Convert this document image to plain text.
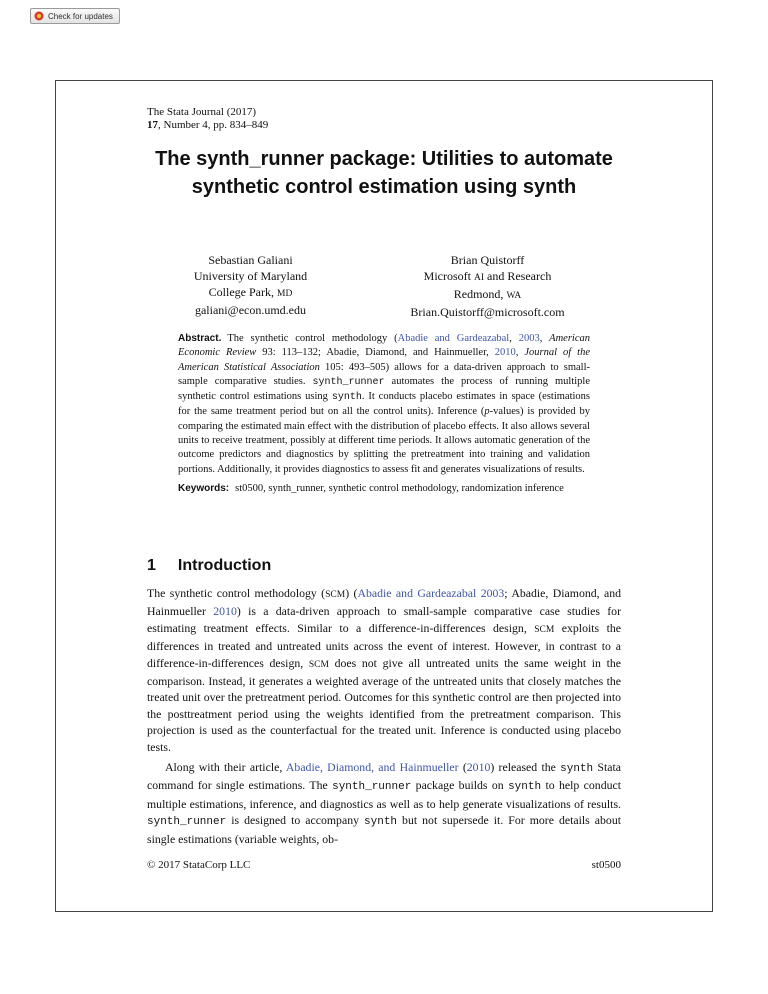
Check for updates
The Stata Journal (2017)
17, Number 4, pp. 834–849
The synth_runner package: Utilities to automate synthetic control estimation using synth
Sebastian Galiani
University of Maryland
College Park, MD
galiani@econ.umd.edu
Brian Quistorff
Microsoft AI and Research
Redmond, WA
Brian.Quistorff@microsoft.com

Abstract. The synthetic control methodology (Abadie and Gardeazabal, 2003, American Economic Review 93: 113–132; Abadie, Diamond, and Hainmueller, 2010, Journal of the American Statistical Association 105: 493–505) allows for a data-driven approach to small-sample comparative studies. synth_runner automates the process of running multiple synthetic control estimations using synth. It conducts placebo estimates in space (estimations for the same treatment period but on all the control units). Inference (p-values) is provided by comparing the estimated main effect with the distribution of placebo effects. It also allows several units to receive treatment, possibly at different time periods. It allows automatic generation of the outcome predictors and diagnostics by splitting the pretreatment into training and validation portions. Additionally, it provides diagnostics to assess fit and generates visualizations of results.

Keywords: st0500, synth_runner, synthetic control methodology, randomization inference

1 Introduction

The synthetic control methodology (SCM) (Abadie and Gardeazabal 2003; Abadie, Diamond, and Hainmueller 2010) is a data-driven approach to small-sample comparative case studies for estimating treatment effects. Similar to a difference-in-differences design, SCM exploits the differences in treated and untreated units across the event of interest. However, in contrast to a difference-in-differences design, SCM does not give all untreated units the same weight in the comparison. Instead, it generates a weighted average of the untreated units that closely matches the treated unit over the pretreatment period. Outcomes for this synthetic control are then projected into the posttreatment period using the weights identified from the pretreatment comparison. This projection is used as the counterfactual for the treated unit. Inference is conducted using placebo tests.

Along with their article, Abadie, Diamond, and Hainmueller (2010) released the synth Stata command for single estimations. The synth_runner package builds on synth to help conduct multiple estimations, inference, and diagnostics as well as to help generate visualizations of results. synth_runner is designed to accompany synth but not supersede it. For more details about single estimations (variable weights, ob-

© 2017 StataCorp LLC	st0500
